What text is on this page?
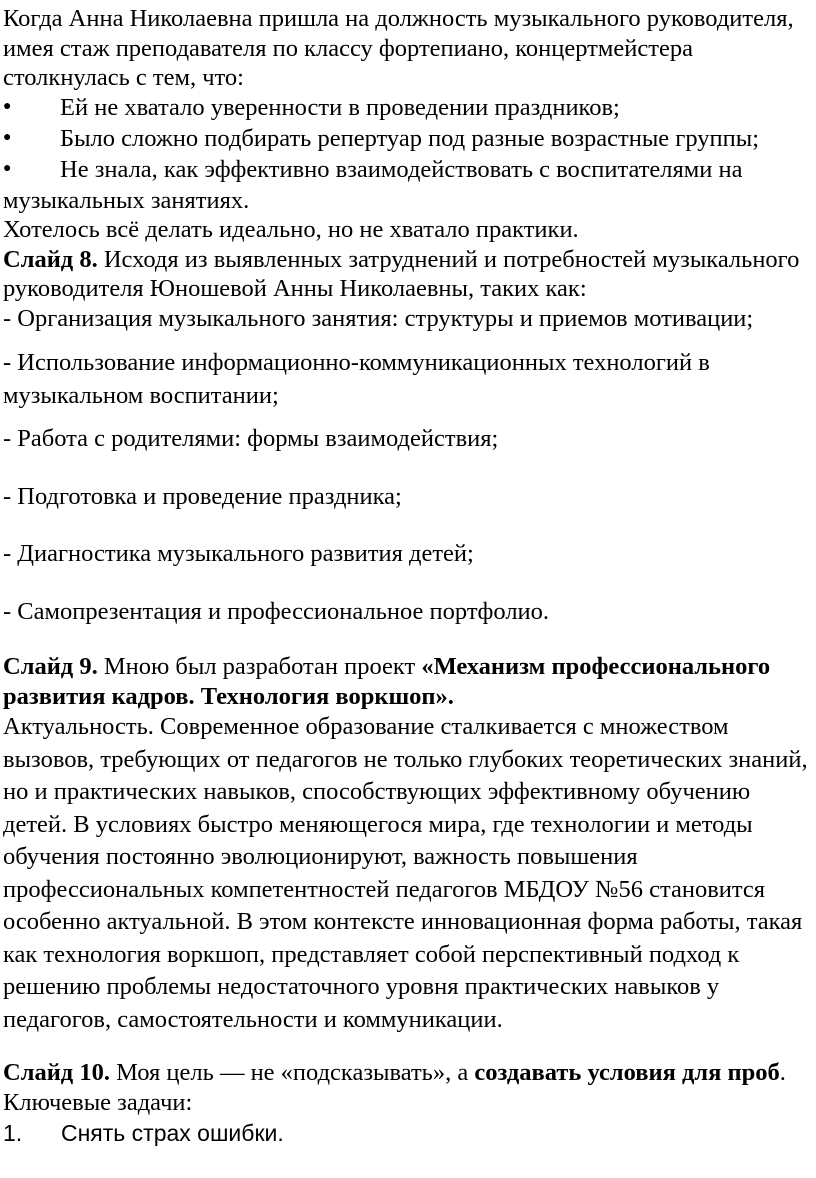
Когда Анна Николаевна пришла на должность музыкального руководителя, имея стаж преподавателя по классу фортепиано, концертмейстера столкнулась с тем, что:

● Ей не хватало уверенности в проведении праздников;

● Было сложно подбирать репертуар под разные возрастные группы;

● Не знала, как эффективно взаимодействовать с воспитателями на музыкальных занятиях.

Хотелось всё делать идеально, но не хватало практики.

Слайд 8. Исходя из выявленных затруднений и потребностей музыкального руководителя Юношевой Анны Николаевны, таких как:

- Организация музыкального занятия: структуры и приемов мотивации;

- Использование информационно-коммуникационных технологий в музыкальном воспитании;

- Работа с родителями: формы взаимодействия;

- Подготовка и проведение праздника;

- Диагностика музыкального развития детей;

- Самопрезентация и профессиональное портфолио.

Слайд 9. Мною был разработан проект «Механизм профессионального развития кадров. Технология воркшоп».

Актуальность. Современное образование сталкивается с множеством вызовов, требующих от педагогов не только глубоких теоретических знаний, но и практических навыков, способствующих эффективному обучению детей. В условиях быстро меняющегося мира, где технологии и методы обучения постоянно эволюционируют, важность повышения профессиональных компетентностей педагогов МБДОУ №56 становится особенно актуальной. В этом контексте инновационная форма работы, такая как технология воркшоп, представляет собой перспективный подход к решению проблемы недостаточного уровня практических навыков у педагогов, самостоятельности и коммуникации.

Слайд 10. Моя цель — не «подсказывать», а создавать условия для проб.

Ключевые задачи:

1. Снять страх ошибки.
